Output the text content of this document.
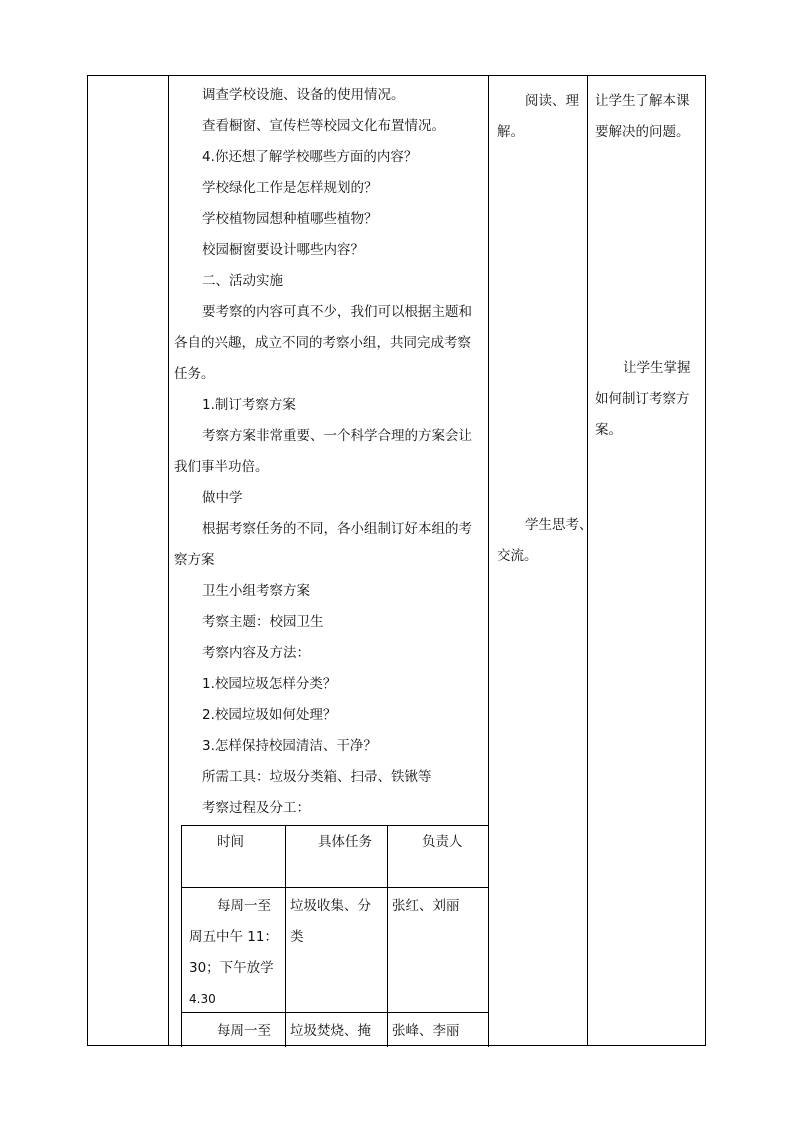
调查学校设施、设备的使用情况。
查看橱窗、宣传栏等校园文化布置情况。
4.你还想了解学校哪些方面的内容？
学校绿化工作是怎样规划的？
学校植物园想种植哪些植物？
校园橱窗要设计哪些内容？
二、活动实施
要考察的内容可真不少，我们可以根据主题和
各自的兴趣，成立不同的考察小组，共同完成考察
任务。
1.制订考察方案
考察方案非常重要、一个科学合理的方案会让
我们事半功倍。
做中学
根据考察任务的不同，各小组制订好本组的考
察方案
卫生小组考察方案
考察主题：校园卫生
考察内容及方法：
1.校园垃圾怎样分类？
2.校园垃圾如何处理？
3.怎样保持校园清洁、干净？
所需工具：垃圾分类箱、扫帚、铁锹等
考察过程及分工：
阅读、理
解。
学生思考、
交流。
让学生了解本课
要解决的问题。
让学生掌握
如何制订考察方
案。
时间	具体任务	负责人
每周一至
周五中午 11：
30；下午放学
4.30
垃圾收集、分
类
张红、刘丽
每周一至 垃圾焚烧、掩 张峰、李丽
